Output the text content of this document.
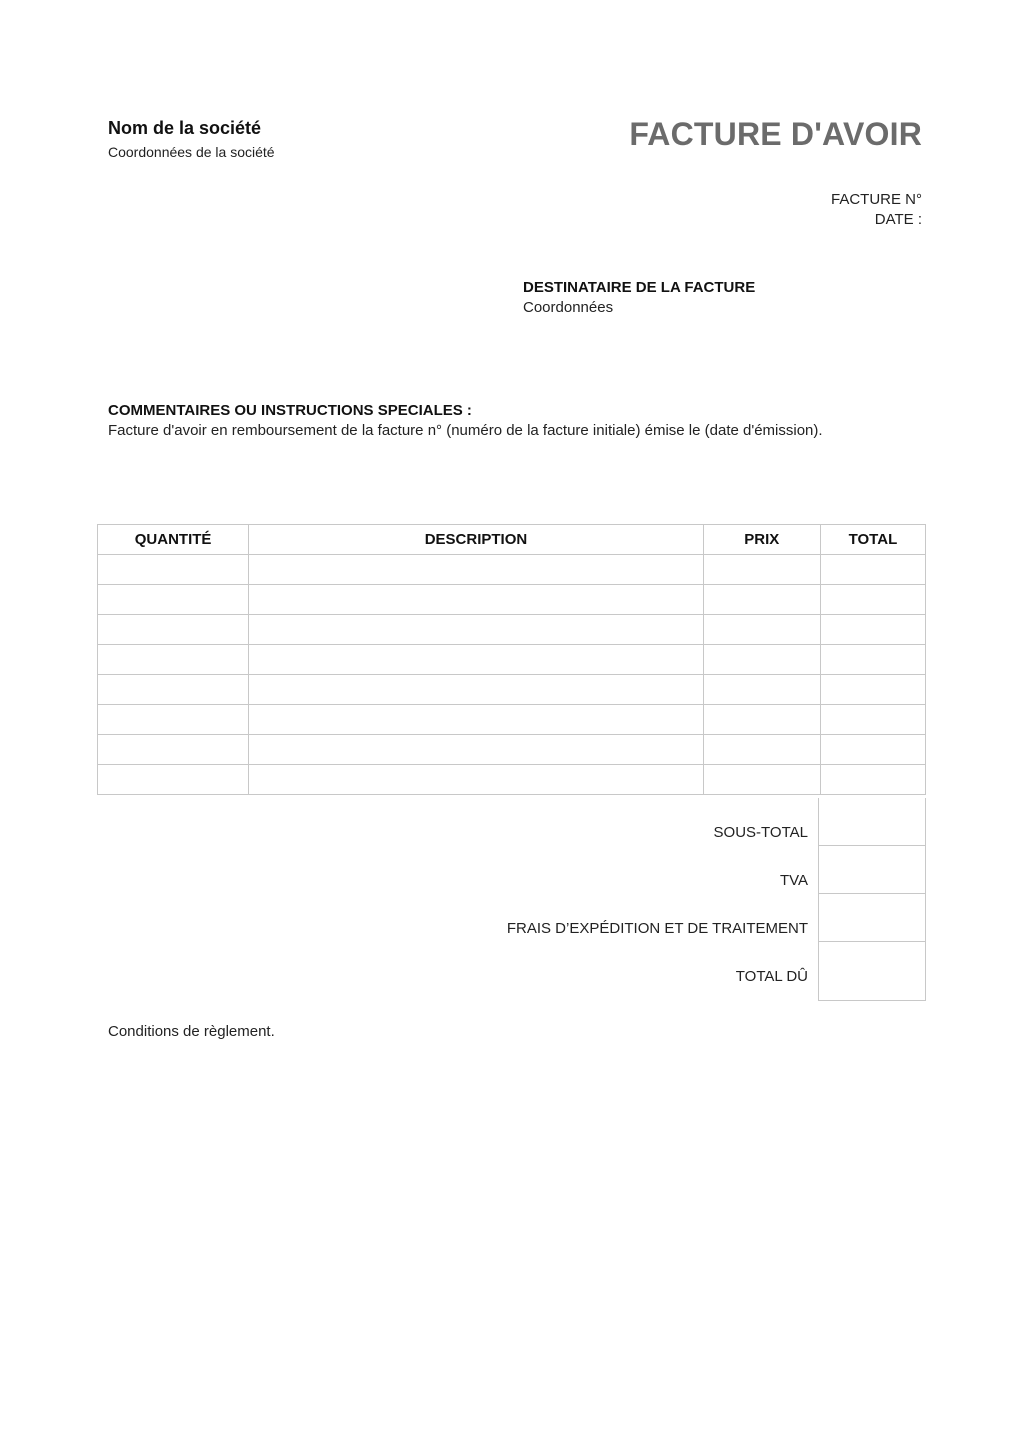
Nom de la société
Coordonnées de la société	FACTURE D'AVOIR
FACTURE N°
DATE :
DESTINATAIRE DE LA FACTURE
Coordonnées
COMMENTAIRES OU INSTRUCTIONS SPECIALES :
Facture d'avoir en remboursement de la facture n° (numéro de la facture initiale) émise le (date d'émission).
QUANTITÉ	DESCRIPTION	PRIX	TOTAL

SOUS-TOTAL
TVA
FRAIS D’EXPÉDITION ET DE TRAITEMENT
TOTAL DÛ
Conditions de règlement.
